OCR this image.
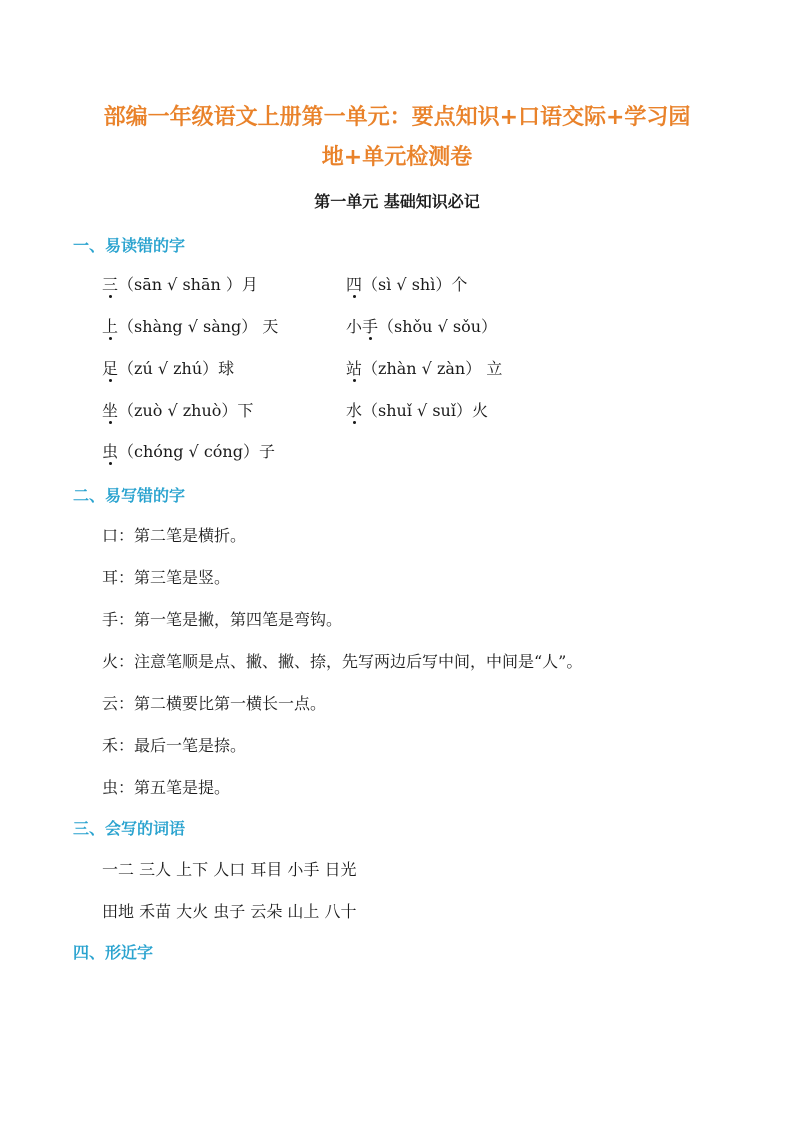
部编一年级语文上册第一单元：要点知识+口语交际+学习园
地+单元检测卷
第一单元 基础知识必记
一、易读错的字
三（sān √ shān ）月	四（sì √ shì）个
上（shàng √ sàng） 天	小手（shǒu √ sǒu）
足（zú √ zhú）球	站（zhàn √ zàn） 立
坐（zuò √ zhuò）下	水（shuǐ √ suǐ）火
虫（chóng √ cóng）子
二、易写错的字
口：第二笔是横折。
耳：第三笔是竖。
手：第一笔是撇，第四笔是弯钩。
火：注意笔顺是点、撇、撇、捺，先写两边后写中间，中间是“人”。
云：第二横要比第一横长一点。
禾：最后一笔是捺。
虫：第五笔是提。
三、会写的词语
一二 三人 上下 人口 耳目 小手 日光
田地 禾苗 大火 虫子 云朵 山上 八十
四、形近字
